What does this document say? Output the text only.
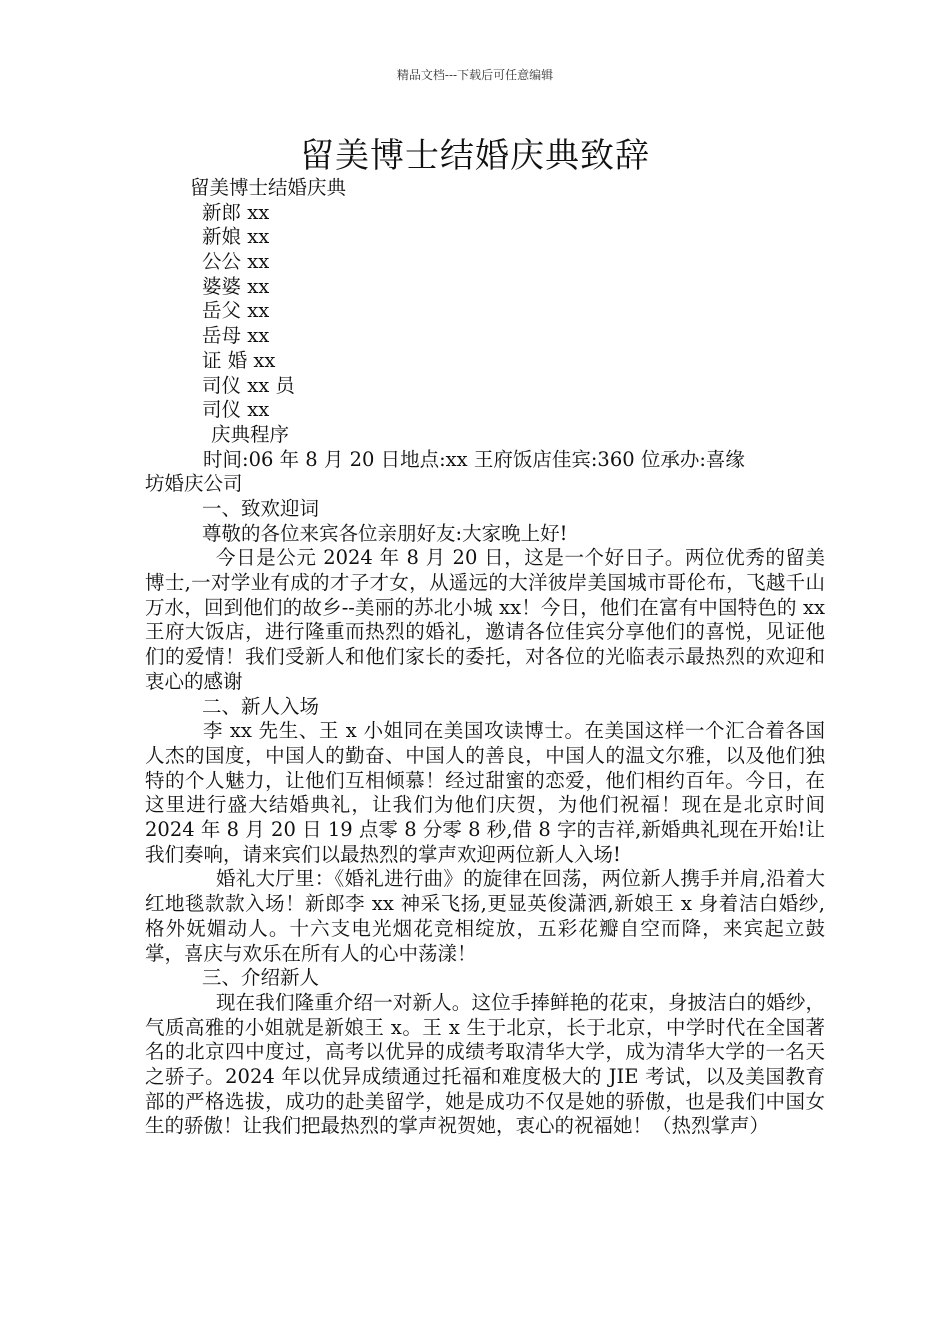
精品文档---下载后可任意编辑
留美博士结婚庆典致辞
留美博士结婚庆典
新郎 xx
新娘 xx
公公 xx
婆婆 xx
岳父 xx
岳母 xx
证 婚 xx
司仪 xx 员
司仪 xx
庆典程序
时间:06 年 8 月 20 日地点:xx 王府饭店佳宾:360 位承办:喜缘
坊婚庆公司
一、致欢迎词
尊敬的各位来宾各位亲朋好友:大家晚上好!
今日是公元 2024 年 8 月 20 日，这是一个好日子。两位优秀的留美博士,一对学业有成的才子才女，从遥远的大洋彼岸美国城市哥伦布，飞越千山万水，回到他们的故乡--美丽的苏北小城 xx！今日，他们在富有中国特色的 xx 王府大饭店，进行隆重而热烈的婚礼，邀请各位佳宾分享他们的喜悦，见证他们的爱情！我们受新人和他们家长的委托，对各位的光临表示最热烈的欢迎和衷心的感谢
二、新人入场
李 xx 先生、王 x 小姐同在美国攻读博士。在美国这样一个汇合着各国人杰的国度，中国人的勤奋、中国人的善良，中国人的温文尔雅，以及他们独特的个人魅力，让他们互相倾慕！经过甜蜜的恋爱，他们相约百年。今日，在这里进行盛大结婚典礼，让我们为他们庆贺，为他们祝福！现在是北京时间 2024 年 8 月 20 日 19 点零 8 分零 8 秒,借 8 字的吉祥,新婚典礼现在开始!让我们奏响，请来宾们以最热烈的掌声欢迎两位新人入场!
婚礼大厅里：《婚礼进行曲》的旋律在回荡，两位新人携手并肩,沿着大红地毯款款入场！新郎李 xx 神采飞扬,更显英俊潇洒,新娘王 x 身着洁白婚纱,格外妩媚动人。十六支电光烟花竞相绽放，五彩花瓣自空而降，来宾起立鼓掌，喜庆与欢乐在所有人的心中荡漾！
三、介绍新人
现在我们隆重介绍一对新人。这位手捧鲜艳的花束，身披洁白的婚纱，气质高雅的小姐就是新娘王 x。王 x 生于北京，长于北京，中学时代在全国著名的北京四中度过，高考以优异的成绩考取清华大学，成为清华大学的一名天之骄子。2024 年以优异成绩通过托福和难度极大的 JIE 考试，以及美国教育部的严格选拔，成功的赴美留学，她是成功不仅是她的骄傲，也是我们中国女生的骄傲！让我们把最热烈的掌声祝贺她，衷心的祝福她！（热烈掌声）
